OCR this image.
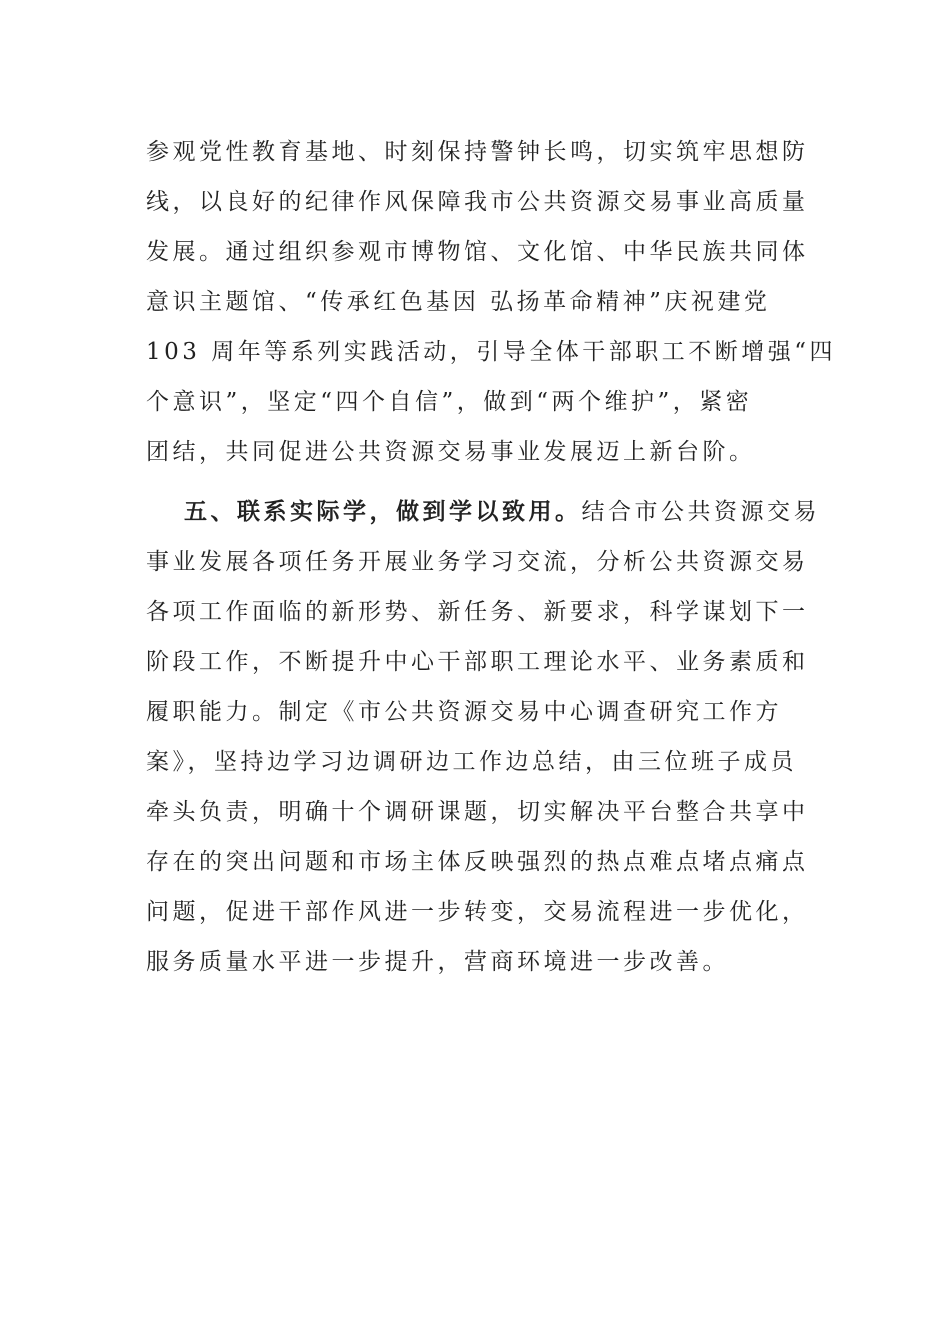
参观党性教育基地、时刻保持警钟长鸣，切实筑牢思想防
线，以良好的纪律作风保障我市公共资源交易事业高质量
发展。通过组织参观市博物馆、文化馆、中华民族共同体
意识主题馆、“传承红色基因 弘扬革命精神”庆祝建党
103 周年等系列实践活动，引导全体干部职工不断增强“四
个意识”，坚定“四个自信”，做到“两个维护”，紧密
团结，共同促进公共资源交易事业发展迈上新台阶。
五、联系实际学，做到学以致用。结合市公共资源交易
事业发展各项任务开展业务学习交流，分析公共资源交易
各项工作面临的新形势、新任务、新要求，科学谋划下一
阶段工作，不断提升中心干部职工理论水平、业务素质和
履职能力。制定《市公共资源交易中心调查研究工作方
案》，坚持边学习边调研边工作边总结，由三位班子成员
牵头负责，明确十个调研课题，切实解决平台整合共享中
存在的突出问题和市场主体反映强烈的热点难点堵点痛点
问题，促进干部作风进一步转变，交易流程进一步优化，
服务质量水平进一步提升，营商环境进一步改善。
